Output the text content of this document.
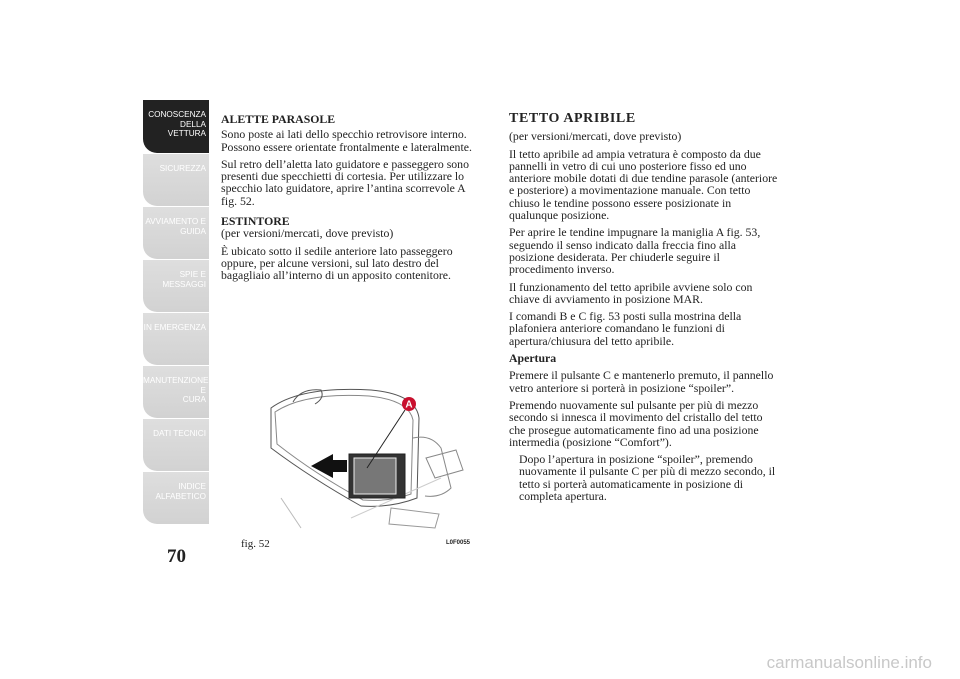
CONOSCENZA
DELLA VETTURA
SICUREZZA
AVVIAMENTO E
GUIDA
SPIE E MESSAGGI
IN EMERGENZA
MANUTENZIONE E
CURA
DATI TECNICI
INDICE
ALFABETICO
70

ALETTE PARASOLE

Sono poste ai lati dello specchio retrovisore interno. Possono essere orientate frontalmente e lateralmente.

Sul retro dell’aletta lato guidatore e passeggero sono presenti due specchietti di cortesia. Per utilizzare lo specchio lato guidatore, aprire l’antina scorrevole A fig. 52.

ESTINTORE

(per versioni/mercati, dove previsto)

È ubicato sotto il sedile anteriore lato passeggero oppure, per alcune versioni, sul lato destro del bagagliaio all’interno di un apposito contenitore.

A
fig. 52	L0F0055

TETTO APRIBILE

(per versioni/mercati, dove previsto)

Il tetto apribile ad ampia vetratura è composto da due pannelli in vetro di cui uno posteriore fisso ed uno anteriore mobile dotati di due tendine parasole (anteriore e posteriore) a movimentazione manuale. Con tetto chiuso le tendine possono essere posizionate in qualunque posizione.

Per aprire le tendine impugnare la maniglia A fig. 53, seguendo il senso indicato dalla freccia fino alla posizione desiderata. Per chiuderle seguire il procedimento inverso.

Il funzionamento del tetto apribile avviene solo con chiave di avviamento in posizione MAR.

I comandi B e C fig. 53 posti sulla mostrina della plafoniera anteriore comandano le funzioni di apertura/chiusura del tetto apribile.

Apertura

Premere il pulsante C e mantenerlo premuto, il pannello vetro anteriore si porterà in posizione “spoiler”.

Premendo nuovamente sul pulsante per più di mezzo secondo si innesca il movimento del cristallo del tetto che prosegue automaticamente fino ad una posizione intermedia (posizione “Comfort”).

Dopo l’apertura in posizione “spoiler”, premendo nuovamente il pulsante C per più di mezzo secondo, il tetto si porterà automaticamente in posizione di completa apertura.

carmanualsonline.info
